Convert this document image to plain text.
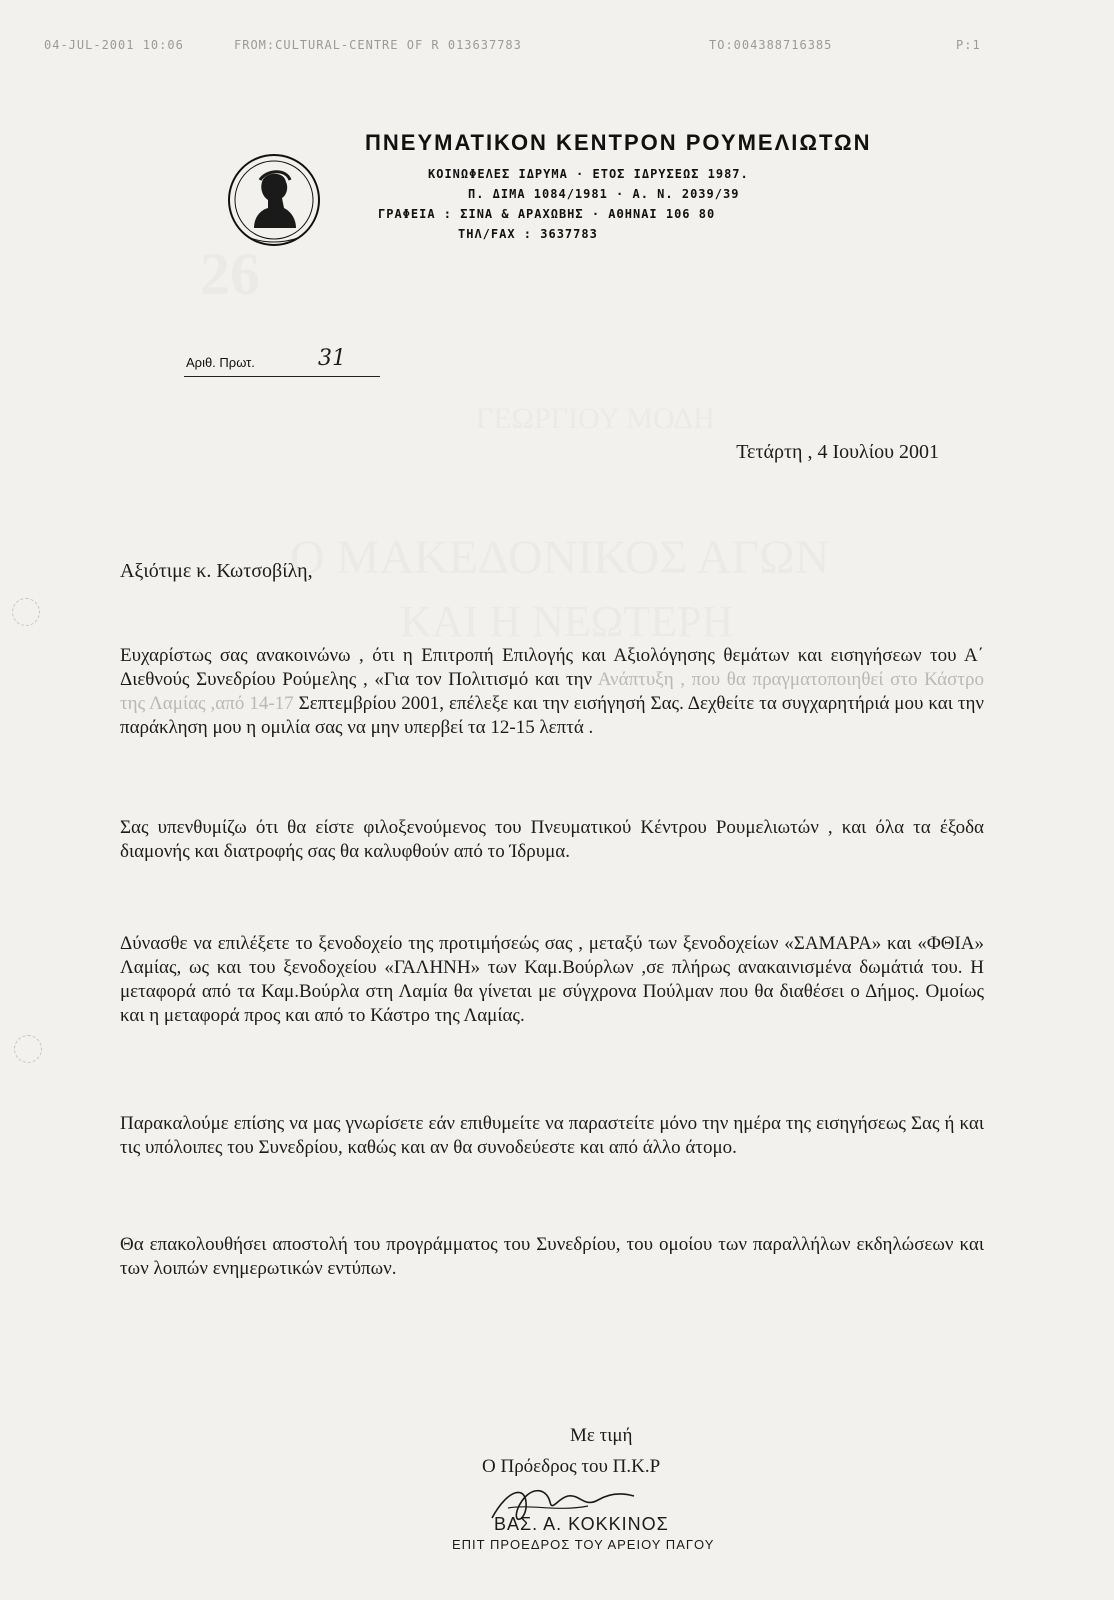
04-JUL-2001 10:06	FROM:CULTURAL-CENTRE OF R 013637783	TO:004388716385	P:1
26
ΓΕΩΡΓΙΟΥ ΜΟΔΗ
Ο ΜΑΚΕΔΟΝΙΚΟΣ ΑΓΩΝ
ΚΑΙ Η ΝΕΩΤΕΡΗ
ΠΝΕΥΜΑΤΙΚΟΝ ΚΕΝΤΡΟΝ ΡΟΥΜΕΛΙΩΤΩΝ
ΚΟΙΝΩΦΕΛΕΣ ΙΔΡΥΜΑ · ΕΤΟΣ ΙΔΡΥΣΕΩΣ 1987.
Π. ΔΙΜΑ 1084/1981 · Α. Ν. 2039/39
ΓΡΑΦΕΙΑ : ΣΙΝΑ & ΑΡΑΧΩΒΗΣ · ΑΘΗΝΑΙ 106 80
ΤΗΛ/FAX : 3637783
Αριθ. Πρωτ.	31
Τετάρτη , 4 Ιουλίου 2001
Αξιότιμε κ. Κωτσοβίλη,
Ευχαρίστως σας ανακοινώνω , ότι η Επιτροπή Επιλογής και Αξιολόγησης θεμάτων και εισηγήσεων του Α΄ Διεθνούς Συνεδρίου Ρούμελης , «Για τον Πολιτισμό και την Ανάπτυξη , που θα πραγματοποιηθεί στο Κάστρο της Λαμίας ,από 14-17 Σεπτεμβρίου 2001, επέλεξε και την εισήγησή Σας. Δεχθείτε τα συγχαρητήριά μου και την παράκληση μου η ομιλία σας να μην υπερβεί τα 12-15 λεπτά .
Σας υπενθυμίζω ότι θα είστε φιλοξενούμενος του Πνευματικού Κέντρου Ρουμελιωτών , και όλα τα έξοδα διαμονής και διατροφής σας θα καλυφθούν από το Ίδρυμα.
Δύνασθε να επιλέξετε το ξενοδοχείο της προτιμήσεώς σας , μεταξύ των ξενοδοχείων «ΣΑΜΑΡΑ» και «ΦΘΙΑ» Λαμίας, ως και του ξενοδοχείου «ΓΑΛΗΝΗ» των Καμ.Βούρλων ,σε πλήρως ανακαινισμένα δωμάτιά του. Η μεταφορά από τα Καμ.Βούρλα στη Λαμία θα γίνεται με σύγχρονα Πούλμαν που θα διαθέσει ο Δήμος. Ομοίως και η μεταφορά προς και από το Κάστρο της Λαμίας.
Παρακαλούμε επίσης να μας γνωρίσετε εάν επιθυμείτε να παραστείτε μόνο την ημέρα της εισηγήσεως Σας ή και τις υπόλοιπες του Συνεδρίου, καθώς και αν θα συνοδεύεστε και από άλλο άτομο.
Θα επακολουθήσει αποστολή του προγράμματος του Συνεδρίου, του ομοίου των παραλλήλων εκδηλώσεων και των λοιπών ενημερωτικών εντύπων.
Με τιμή
Ο Πρόεδρος του Π.Κ.Ρ
ΒΑΣ. Α. ΚΟΚΚΙΝΟΣ
ΕΠΙΤ ΠΡΟΕΔΡΟΣ ΤΟΥ ΑΡΕΙΟΥ ΠΑΓΟΥ
